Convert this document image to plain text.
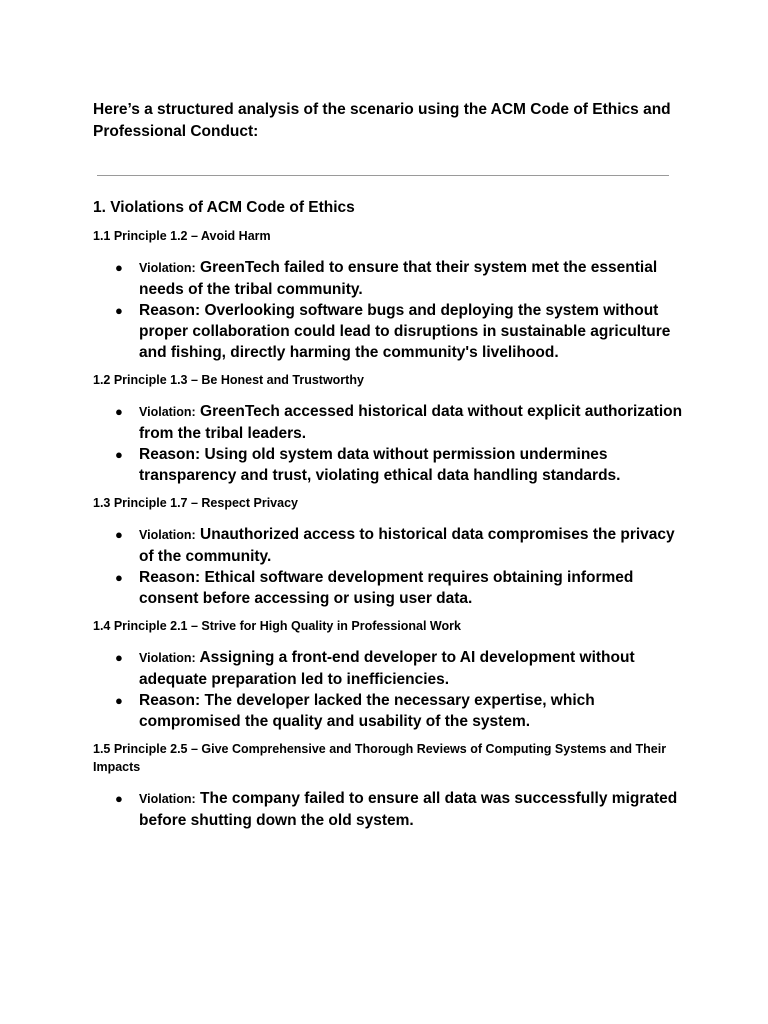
Here’s a structured analysis of the scenario using the ACM Code of Ethics and Professional Conduct:

1. Violations of ACM Code of Ethics
1.1 Principle 1.2 – Avoid Harm
● Violation: GreenTech failed to ensure that their system met the essential needs of the tribal community.
● Reason: Overlooking software bugs and deploying the system without proper collaboration could lead to disruptions in sustainable agriculture and fishing, directly harming the community's livelihood.
1.2 Principle 1.3 – Be Honest and Trustworthy
● Violation: GreenTech accessed historical data without explicit authorization from the tribal leaders.
● Reason: Using old system data without permission undermines transparency and trust, violating ethical data handling standards.
1.3 Principle 1.7 – Respect Privacy
● Violation: Unauthorized access to historical data compromises the privacy of the community.
● Reason: Ethical software development requires obtaining informed consent before accessing or using user data.
1.4 Principle 2.1 – Strive for High Quality in Professional Work
● Violation: Assigning a front-end developer to AI development without adequate preparation led to inefficiencies.
● Reason: The developer lacked the necessary expertise, which compromised the quality and usability of the system.
1.5 Principle 2.5 – Give Comprehensive and Thorough Reviews of Computing Systems and Their Impacts
● Violation: The company failed to ensure all data was successfully migrated before shutting down the old system.
